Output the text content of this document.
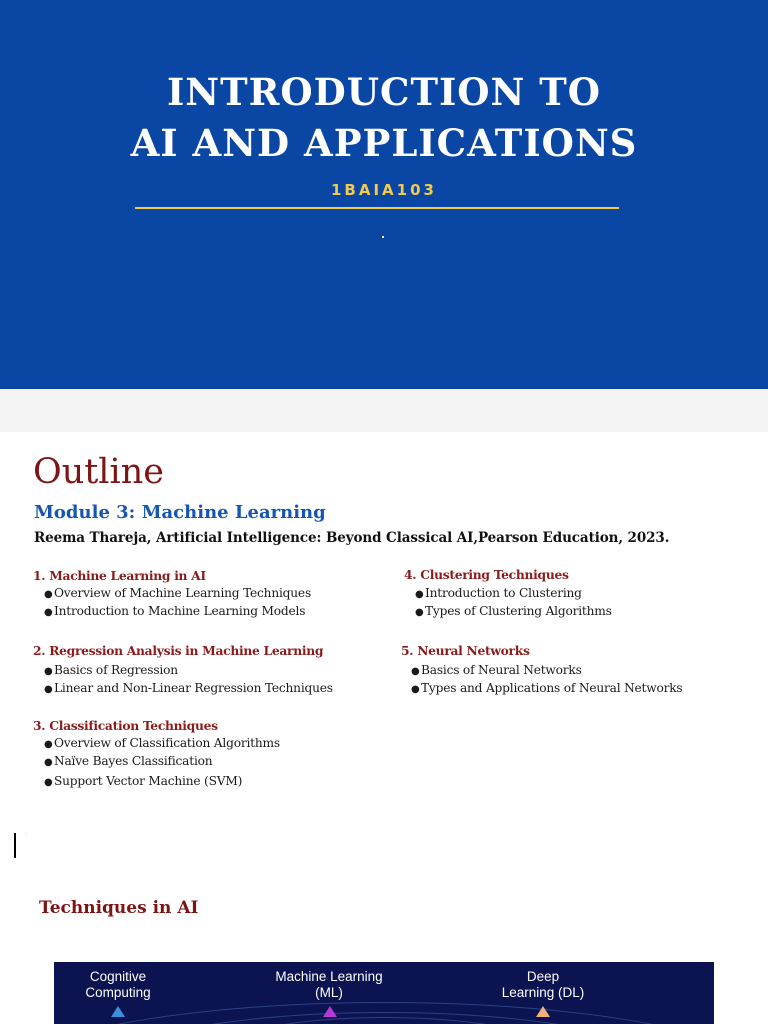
INTRODUCTION TO
AI AND APPLICATIONS
1BAIA103
Outline
Module 3: Machine Learning
Reema Thareja, Artificial Intelligence: Beyond Classical AI,Pearson Education, 2023.
1. Machine Learning in AI
●Overview of Machine Learning Techniques
●Introduction to Machine Learning Models
2. Regression Analysis in Machine Learning
●Basics of Regression
●Linear and Non-Linear Regression Techniques
3. Classification Techniques
●Overview of Classification Algorithms
●Naïve Bayes Classification
●Support Vector Machine (SVM)
4. Clustering Techniques
●Introduction to Clustering
●Types of Clustering Algorithms
5. Neural Networks
●Basics of Neural Networks
●Types and Applications of Neural Networks
~
Techniques in AI
Cognitive
Computing
Machine Learning
(ML)
Deep
Learning (DL)
